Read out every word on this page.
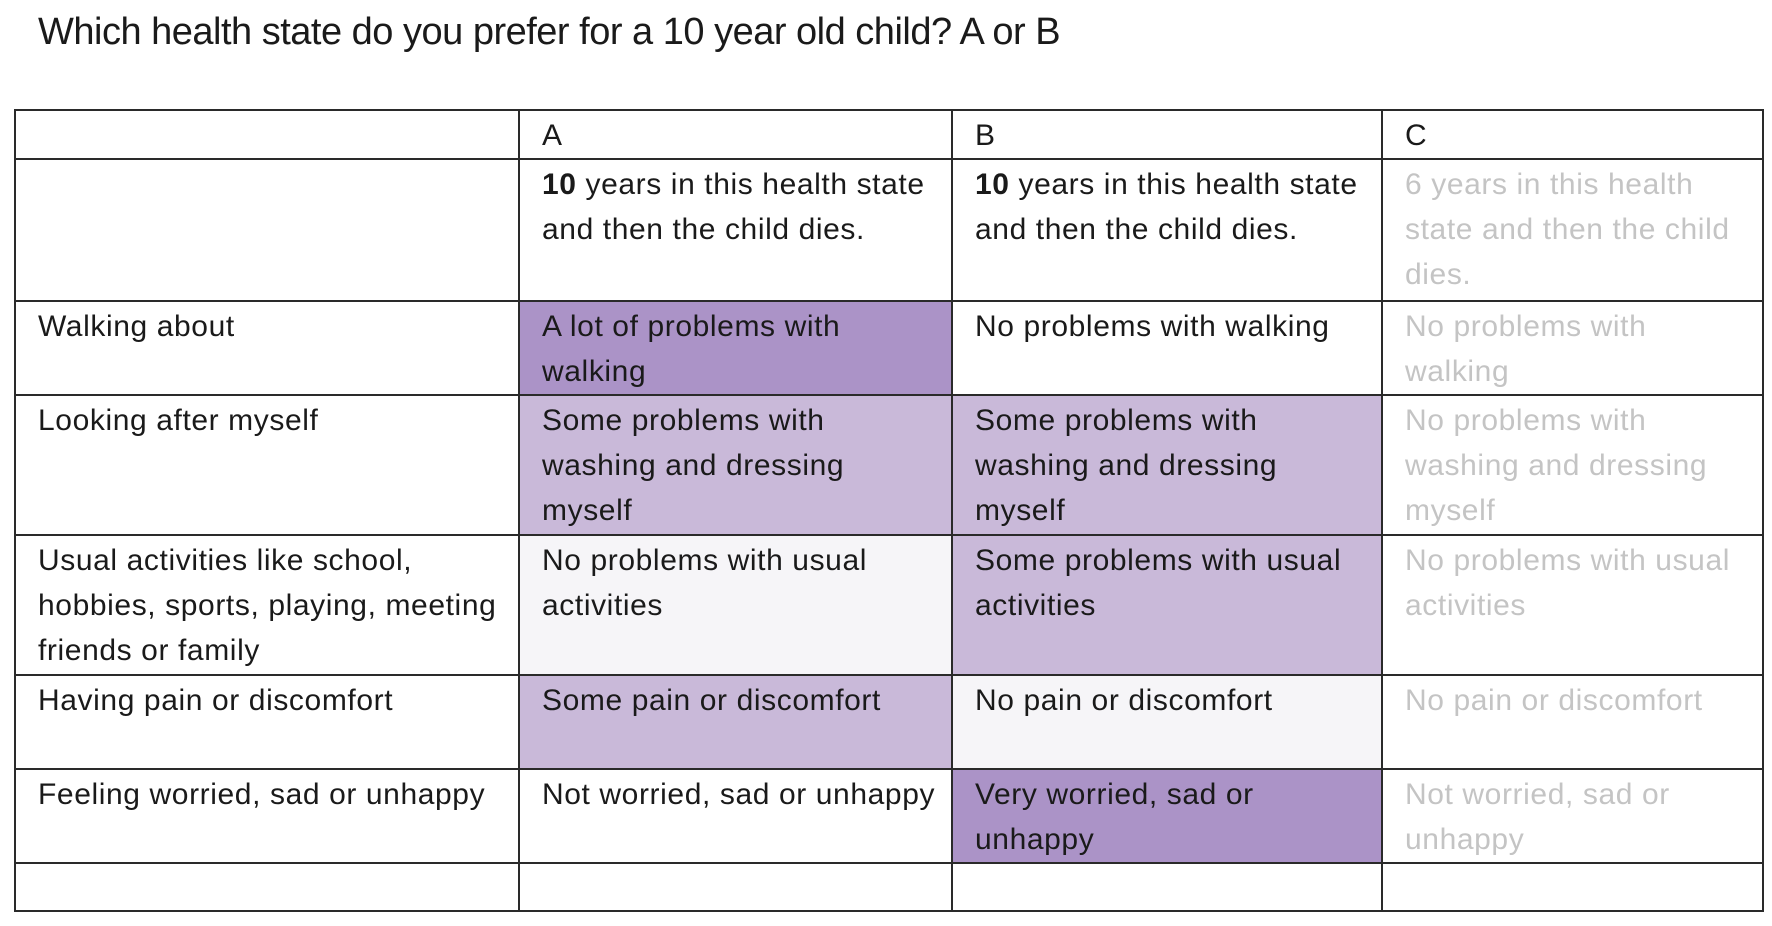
Which health state do you prefer for a 10 year old child? A or B
	A	B	C
	10 years in this health state and then the child dies.	10 years in this health state and then the child dies.	6 years in this health state and then the child dies.
Walking about	A lot of problems with walking	No problems with walking	No problems with walking
Looking after myself	Some problems with washing and dressing myself	Some problems with washing and dressing myself	No problems with washing and dressing myself
Usual activities like school, hobbies, sports, playing, meeting friends or family	No problems with usual activities	Some problems with usual activities	No problems with usual activities
Having pain or discomfort	Some pain or discomfort	No pain or discomfort	No pain or discomfort
Feeling worried, sad or unhappy	Not worried, sad or unhappy	Very worried, sad or unhappy	Not worried, sad or unhappy
